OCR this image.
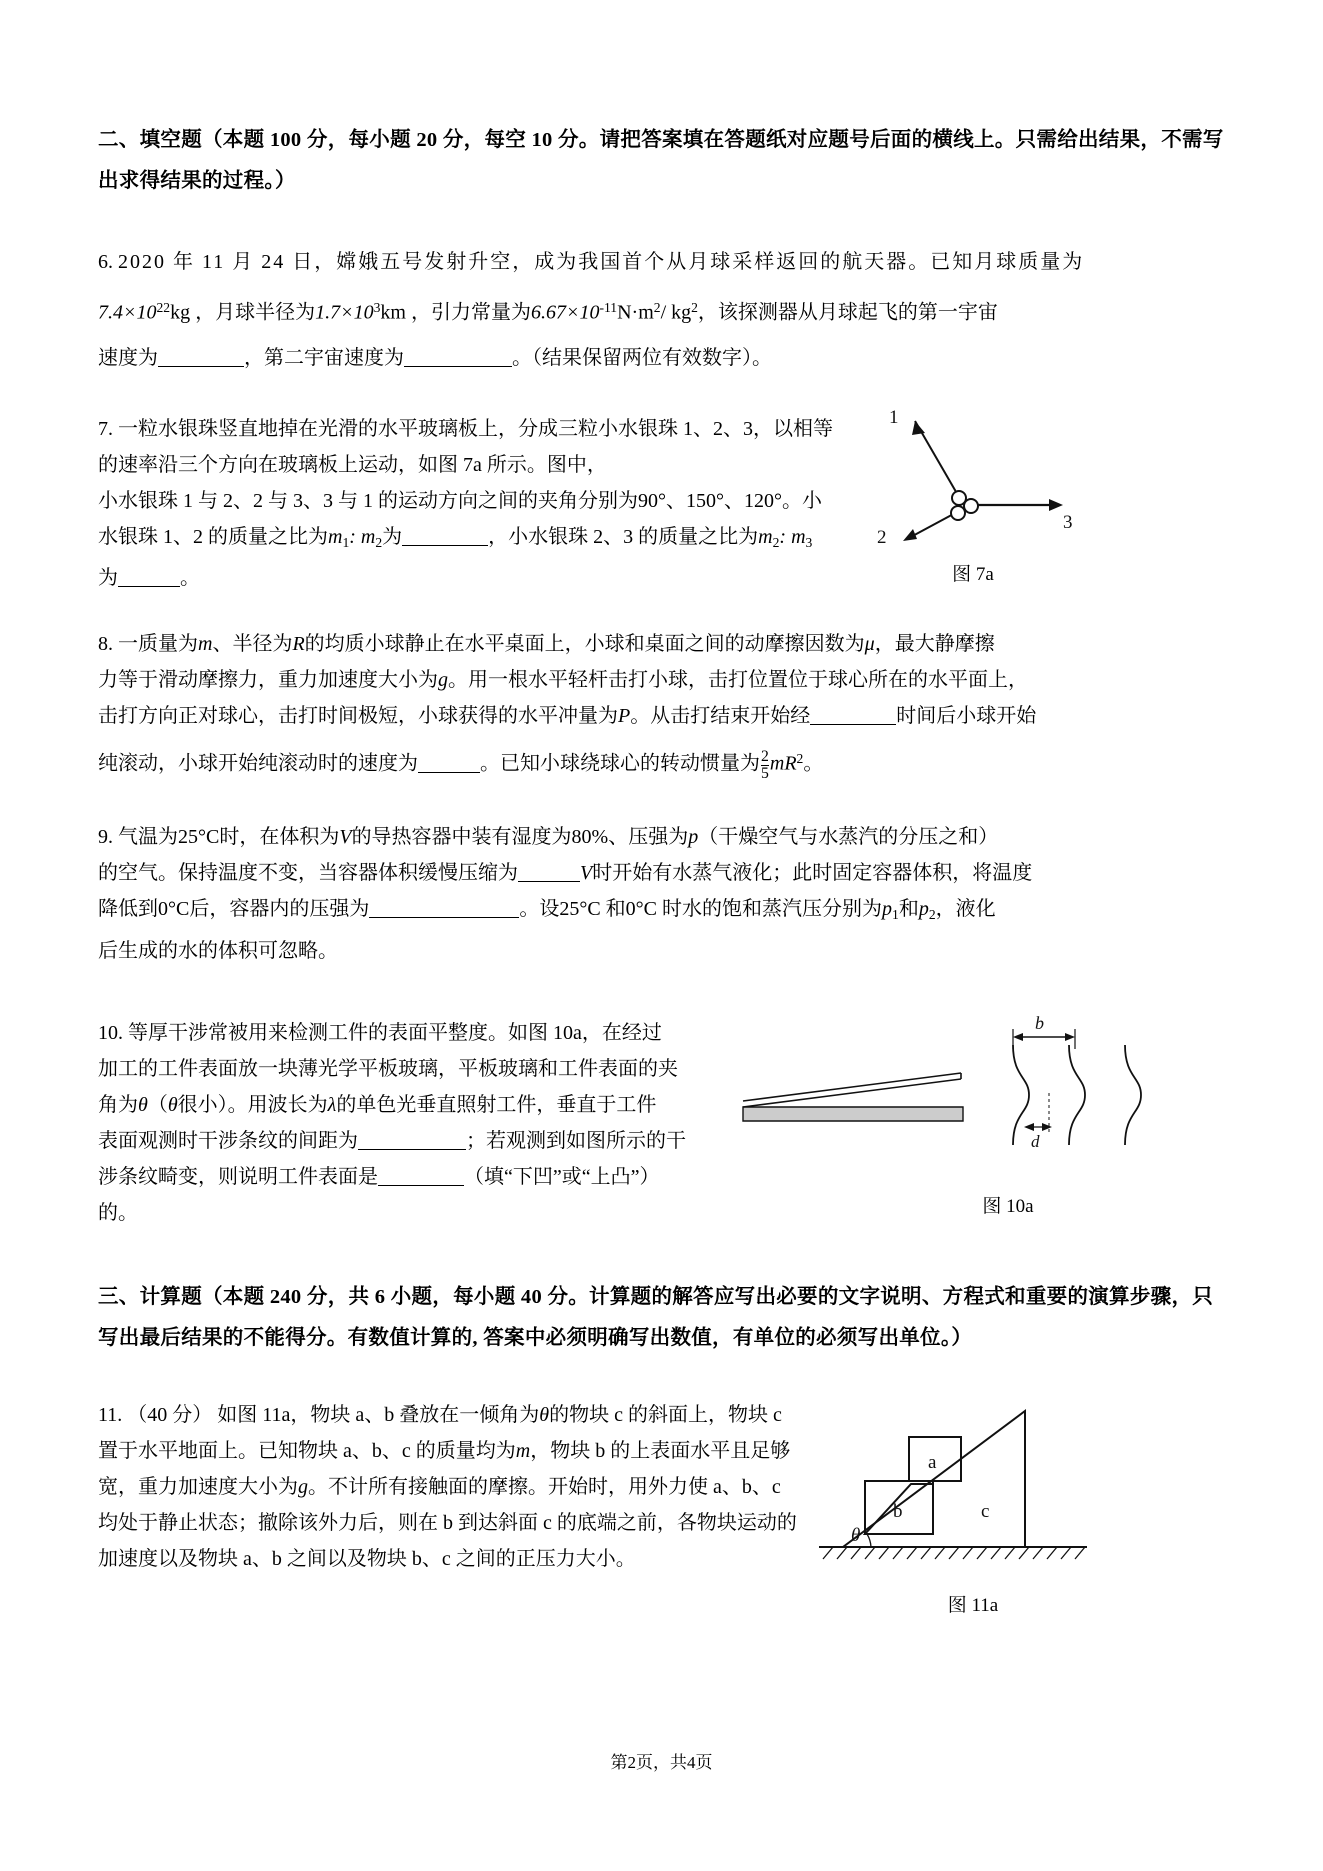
二、填空题（本题 100 分，每小题 20 分，每空 10 分。请把答案填在答题纸对应题号后面的横线上。只需给出结果，不需写出求得结果的过程。）
6. 2020 年 11 月 24 日，嫦娥五号发射升空，成为我国首个从月球采样返回的航天器。已知月球质量为
$7.4\times 10^{22}kg$ ，月球半径为$1.7\times 10^3km$ ，引力常量为$6.67\times 10^{-11}N\cdot m^2/$ $kg^2$，该探测器从月球起飞的第一宇宙
速度为	，第二宇宙速度为	。（结果保留两位有效数字）。
7. 一粒水银珠竖直地掉在光滑的水平玻璃板上，分成三粒小水银珠 1、2、3，以相等
的速率沿三个方向在玻璃板上运动，如图 7a 所示。图中，
小水银珠 1 与 2、2 与 3、3 与 1 的运动方向之间的夹角分别为90°、150°、120°。小
水银珠 1、2 的质量之比为$m_1$: $m_2$为	，小水银珠 2、3 的质量之比为$m_2$: $m_3$
为	。
1
2
3
图 7a
8. 一质量为m、半径为R的均质小球静止在水平桌面上，小球和桌面之间的动摩擦因数为μ，最大静摩擦
力等于滑动摩擦力，重力加速度大小为g。用一根水平轻杆击打小球，击打位置位于球心所在的水平面上，
击打方向正对球心，击打时间极短，小球获得的水平冲量为P。从击打结束开始经	时间后小球开始
纯滚动，小球开始纯滚动时的速度为	。已知小球绕球心的转动惯量为 $\frac{2}{5} mR^2$。
9. 气温为25°C时，在体积为V的导热容器中装有湿度为80%、压强为p（干燥空气与水蒸汽的分压之和）
的空气。保持温度不变，当容器体积缓慢压缩为	V时开始有水蒸气液化；此时固定容器体积，将温度
降低到0°C后，容器内的压强为	。设25°C 和0°C 时水的饱和蒸汽压分别为$p_1$和$p_2$，液化
后生成的水的体积可忽略。
10. 等厚干涉常被用来检测工件的表面平整度。如图 10a，在经过
加工的工件表面放一块薄光学平板玻璃，平板玻璃和工件表面的夹
角为θ（θ很小）。用波长为λ的单色光垂直照射工件，垂直于工件
表面观测时干涉条纹的间距为	；若观测到如图所示的干
涉条纹畸变，则说明工件表面是	（填“下凹”或“上凸”）
的。
b
d
图 10a
三、计算题（本题 240 分，共 6 小题，每小题 40 分。计算题的解答应写出必要的文字说明、方程式和重要的演算步骤，只写出最后结果的不能得分。有数值计算的, 答案中必须明确写出数值，有单位的必须写出单位。）
11. （40 分） 如图 11a，物块 a、b 叠放在一倾角为θ的物块 c 的斜面上，物块 c
置于水平地面上。已知物块 a、b、c 的质量均为m，物块 b 的上表面水平且足够
宽，重力加速度大小为g。不计所有接触面的摩擦。开始时，用外力使 a、b、c
均处于静止状态；撤除该外力后，则在 b 到达斜面 c 的底端之前，各物块运动的
加速度以及物块 a、b 之间以及物块 b、c 之间的正压力大小。
θ
a
b	c
图 11a
第2页，共4页
